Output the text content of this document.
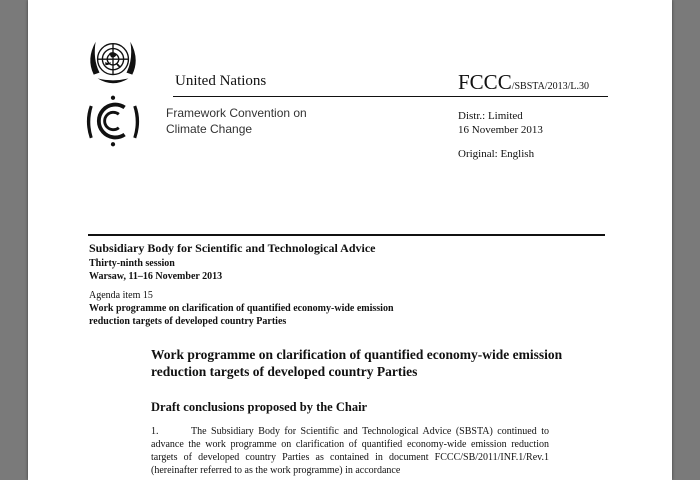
United Nations	FCCC/SBSTA/2013/L.30
Framework Convention on
Climate Change
Distr.: Limited
16 November 2013
Original: English
Subsidiary Body for Scientific and Technological Advice
Thirty-ninth session
Warsaw, 11–16 November 2013
Agenda item 15
Work programme on clarification of quantified economy-wide emission reduction targets of developed country Parties
Work programme on clarification of quantified economy-wide emission reduction targets of developed country Parties
Draft conclusions proposed by the Chair
1.	The Subsidiary Body for Scientific and Technological Advice (SBSTA) continued to advance the work programme on clarification of quantified economy-wide emission reduction targets of developed country Parties as contained in document FCCC/SB/2011/INF.1/Rev.1 (hereinafter referred to as the work programme) in accordance
